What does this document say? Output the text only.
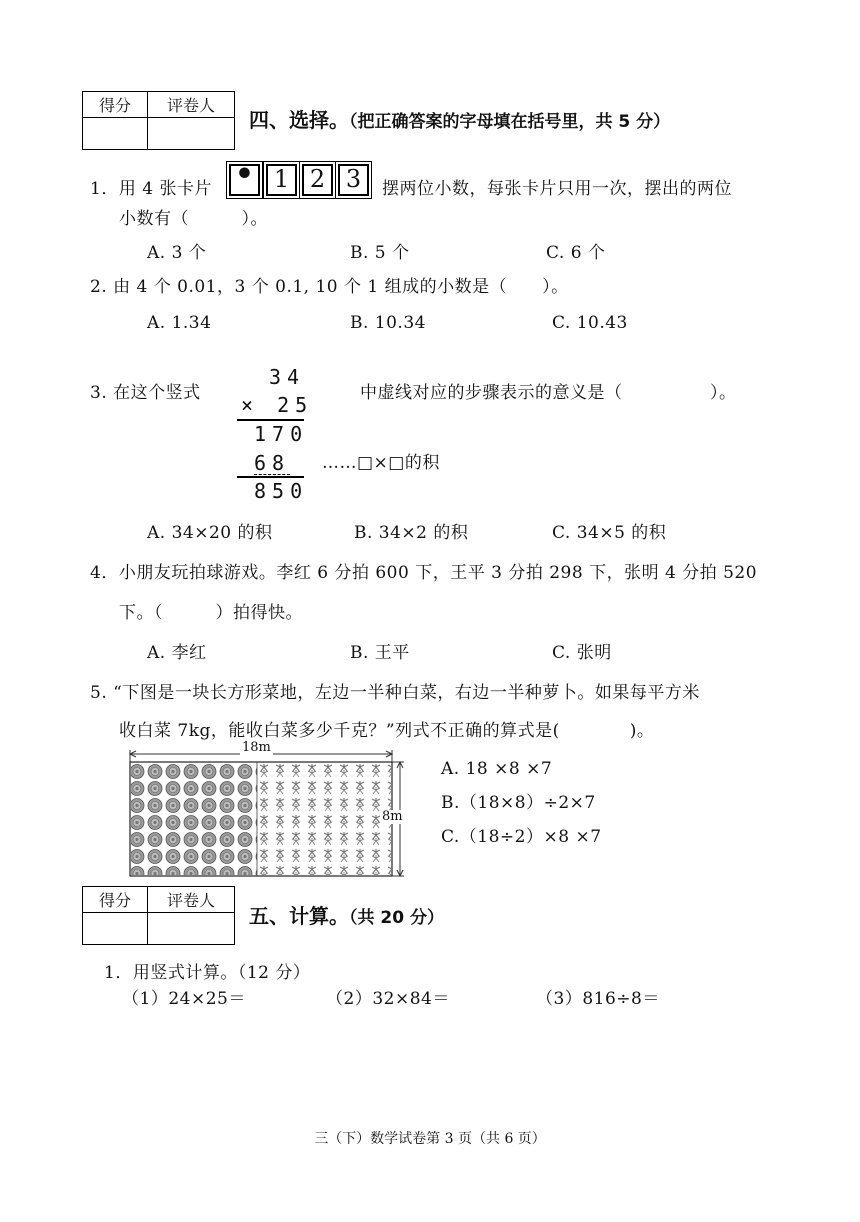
得分	评卷人

四、选择。（把正确答案的字母填在括号里，共 5 分）
1．用 4 张卡片 • 1 2 3	摆两位小数，每张卡片只用一次，摆出的两位
小数有（　　　）。
A. 3 个	B. 5 个	C. 6 个
2. 由 4 个 0.01，3 个 0.1, 10 个 1 组成的小数是（　　）。
A. 1.34	B. 10.34	C. 10.43
3. 在这个竖式	中虚线对应的步骤表示的意义是（　　　　　）。
34
× 25
170
68
850
……□×□的积
A. 34×20 的积	B. 34×2 的积	C. 34×5 的积
4．小朋友玩拍球游戏。李红 6 分拍 600 下，王平 3 分拍 298 下，张明 4 分拍 520
下。（　　　）拍得快。
A. 李红	B. 王平	C. 张明
5. “下图是一块长方形菜地，左边一半种白菜，右边一半种萝卜。如果每平方米
收白菜 7kg，能收白菜多少千克？”列式不正确的算式是(　　　　)。
18m
8m
A. 18 ×8 ×7
B.（18×8）÷2×7
C.（18÷2）×8 ×7
得分	评卷人

五、计算。（共 20 分）
1．用竖式计算。（12 分）
（1）24×25＝	（2）32×84＝	（3）816÷8＝
三（下）数学试卷第 3 页（共 6 页）
